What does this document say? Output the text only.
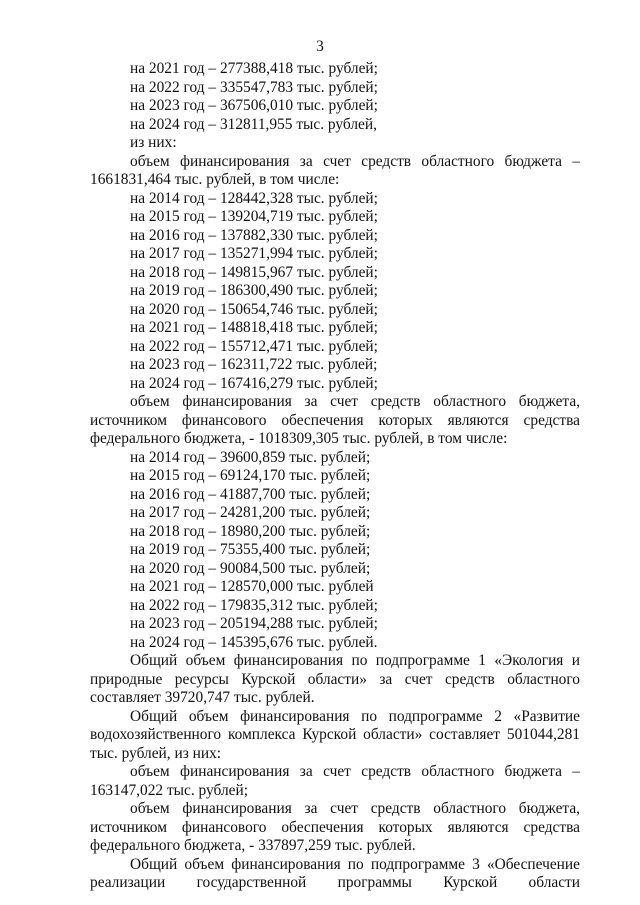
3
на 2021 год – 277388,418 тыс. рублей;
на 2022 год – 335547,783 тыс. рублей;
на 2023 год – 367506,010 тыс. рублей;
на 2024 год – 312811,955 тыс. рублей,
из них:
объем финансирования за счет средств областного бюджета –
1661831,464 тыс. рублей, в том числе:
на 2014 год – 128442,328 тыс. рублей;
на 2015 год – 139204,719 тыс. рублей;
на 2016 год – 137882,330 тыс. рублей;
на 2017 год – 135271,994 тыс. рублей;
на 2018 год – 149815,967 тыс. рублей;
на 2019 год – 186300,490 тыс. рублей;
на 2020 год – 150654,746 тыс. рублей;
на 2021 год – 148818,418 тыс. рублей;
на 2022 год – 155712,471 тыс. рублей;
на 2023 год – 162311,722 тыс. рублей;
на 2024 год – 167416,279 тыс. рублей;
объем финансирования за счет средств областного бюджета,
источником финансового обеспечения которых являются средства
федерального бюджета, - 1018309,305 тыс. рублей, в том числе:
на 2014 год – 39600,859 тыс. рублей;
на 2015 год – 69124,170 тыс. рублей;
на 2016 год – 41887,700 тыс. рублей;
на 2017 год – 24281,200 тыс. рублей;
на 2018 год – 18980,200 тыс. рублей;
на 2019 год – 75355,400 тыс. рублей;
на 2020 год – 90084,500 тыс. рублей;
на 2021 год – 128570,000 тыс. рублей
на 2022 год – 179835,312 тыс. рублей;
на 2023 год – 205194,288 тыс. рублей;
на 2024 год – 145395,676 тыс. рублей.
Общий объем финансирования по подпрограмме 1 «Экология и
природные ресурсы Курской области» за счет средств областного
составляет 39720,747 тыс. рублей.
Общий объем финансирования по подпрограмме 2 «Развитие
водохозяйственного комплекса Курской области» составляет 501044,281
тыс. рублей, из них:
объем финансирования за счет средств областного бюджета –
163147,022 тыс. рублей;
объем финансирования за счет средств областного бюджета,
источником финансового обеспечения которых являются средства
федерального бюджета, - 337897,259 тыс. рублей.
Общий объем финансирования по подпрограмме 3 «Обеспечение
реализации государственной программы Курской области
